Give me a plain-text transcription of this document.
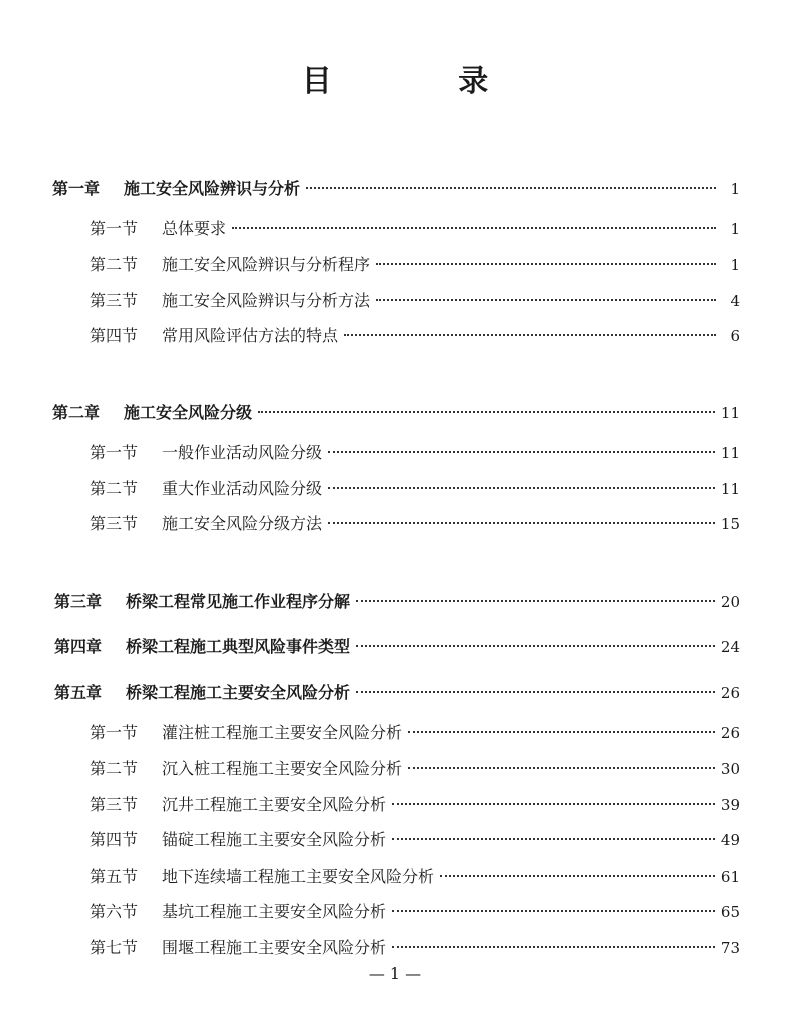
目 录
第一章	施工安全风险辨识与分析	1
第一节	总体要求	1
第二节	施工安全风险辨识与分析程序	1
第三节	施工安全风险辨识与分析方法	4
第四节	常用风险评估方法的特点	6
第二章	施工安全风险分级	11
第一节	一般作业活动风险分级	11
第二节	重大作业活动风险分级	11
第三节	施工安全风险分级方法	15
第三章	桥梁工程常见施工作业程序分解	20
第四章	桥梁工程施工典型风险事件类型	24
第五章	桥梁工程施工主要安全风险分析	26
第一节	灌注桩工程施工主要安全风险分析	26
第二节	沉入桩工程施工主要安全风险分析	30
第三节	沉井工程施工主要安全风险分析	39
第四节	锚碇工程施工主要安全风险分析	49
第五节	地下连续墙工程施工主要安全风险分析	61
第六节	基坑工程施工主要安全风险分析	65
第七节	围堰工程施工主要安全风险分析	73
— 1 —
